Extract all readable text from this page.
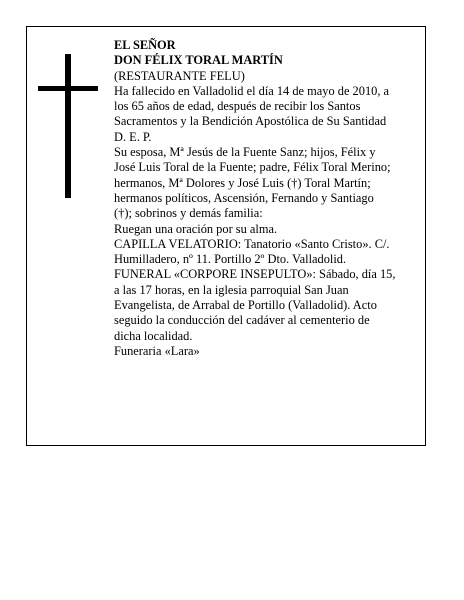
EL SEÑOR
DON FÉLIX TORAL MARTÍN
(RESTAURANTE FELU)
Ha fallecido en Valladolid el día 14 de mayo de 2010, a
los 65 años de edad, después de recibir los Santos
Sacramentos y la Bendición Apostólica de Su Santidad
D. E. P.
Su esposa, Mª Jesús de la Fuente Sanz; hijos, Félix y
José Luis Toral de la Fuente; padre, Félix Toral Merino;
hermanos, Mª Dolores y José Luis (†) Toral Martín;
hermanos políticos, Ascensión, Fernando y Santiago
(†); sobrinos y demás familia:
Ruegan una oración por su alma.
CAPILLA VELATORIO: Tanatorio «Santo Cristo». C/.
Humilladero, nº 11. Portillo 2º Dto. Valladolid.
FUNERAL «CORPORE INSEPULTO»: Sábado, día 15,
a las 17 horas, en la iglesia parroquial San Juan
Evangelista, de Arrabal de Portillo (Valladolid). Acto
seguido la conducción del cadáver al cementerio de
dicha localidad.
Funeraria «Lara»
